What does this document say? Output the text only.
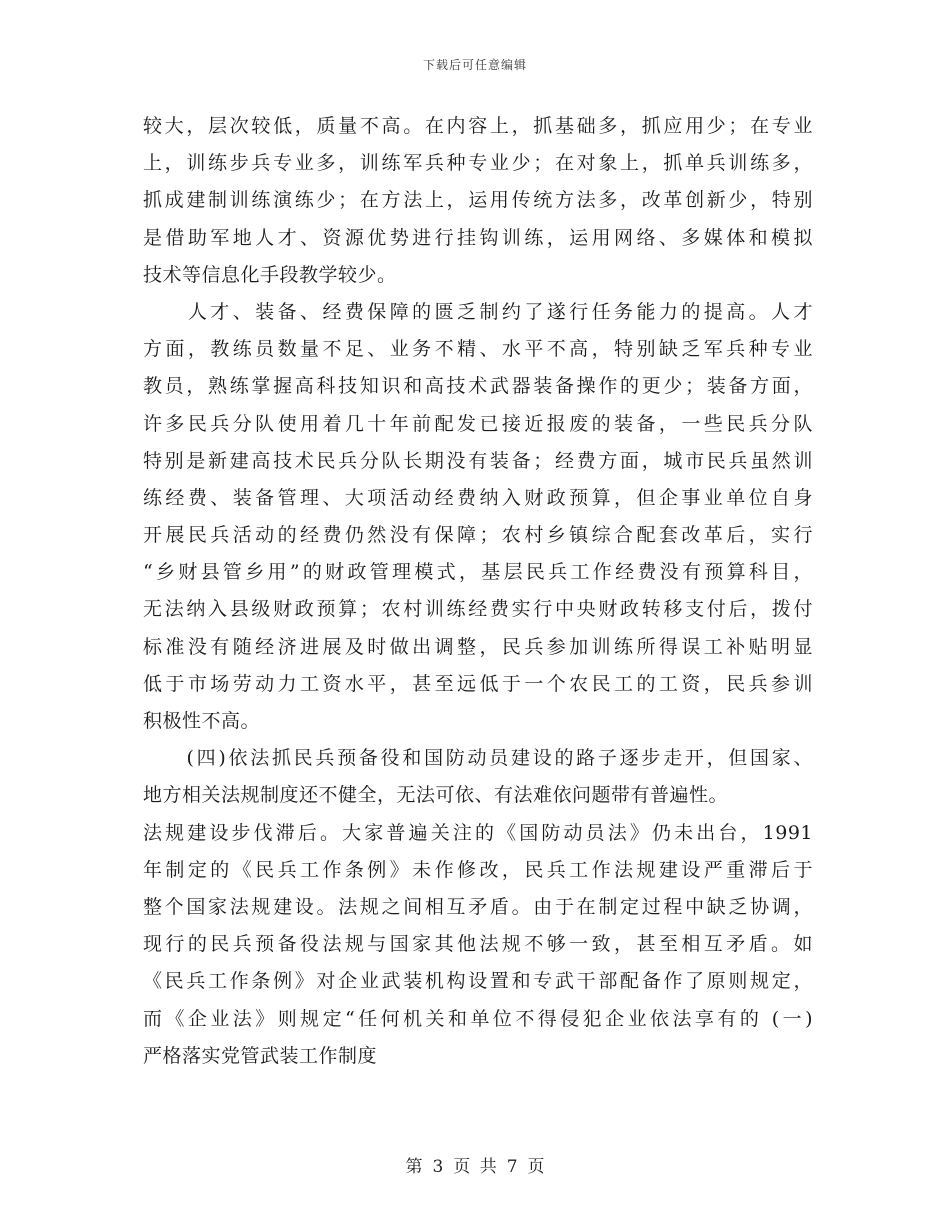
下载后可任意编辑
较大，层次较低，质量不高。在内容上，抓基础多，抓应用少；在专业
上，训练步兵专业多，训练军兵种专业少；在对象上，抓单兵训练多，
抓成建制训练演练少；在方法上，运用传统方法多，改革创新少，特别
是借助军地人才、资源优势进行挂钩训练，运用网络、多媒体和模拟
技术等信息化手段教学较少。
　　人才、装备、经费保障的匮乏制约了遂行任务能力的提高。人才
方面，教练员数量不足、业务不精、水平不高，特别缺乏军兵种专业
教员，熟练掌握高科技知识和高技术武器装备操作的更少；装备方面，
许多民兵分队使用着几十年前配发已接近报废的装备，一些民兵分队
特别是新建高技术民兵分队长期没有装备；经费方面，城市民兵虽然训
练经费、装备管理、大项活动经费纳入财政预算，但企事业单位自身
开展民兵活动的经费仍然没有保障；农村乡镇综合配套改革后，实行
“乡财县管乡用”的财政管理模式，基层民兵工作经费没有预算科目，
无法纳入县级财政预算；农村训练经费实行中央财政转移支付后，拨付
标准没有随经济进展及时做出调整，民兵参加训练所得误工补贴明显
低于市场劳动力工资水平，甚至远低于一个农民工的工资，民兵参训
积极性不高。
　　(四)依法抓民兵预备役和国防动员建设的路子逐步走开，但国家、
地方相关法规制度还不健全，无法可依、有法难依问题带有普遍性。
法规建设步伐滞后。大家普遍关注的《国防动员法》仍未出台，1991
年制定的《民兵工作条例》未作修改，民兵工作法规建设严重滞后于
整个国家法规建设。法规之间相互矛盾。由于在制定过程中缺乏协调，
现行的民兵预备役法规与国家其他法规不够一致，甚至相互矛盾。如
《民兵工作条例》对企业武装机构设置和专武干部配备作了原则规定，
而《企业法》则规定“任何机关和单位不得侵犯企业依法享有的 (一)
严格落实党管武装工作制度
第 3 页 共 7 页
